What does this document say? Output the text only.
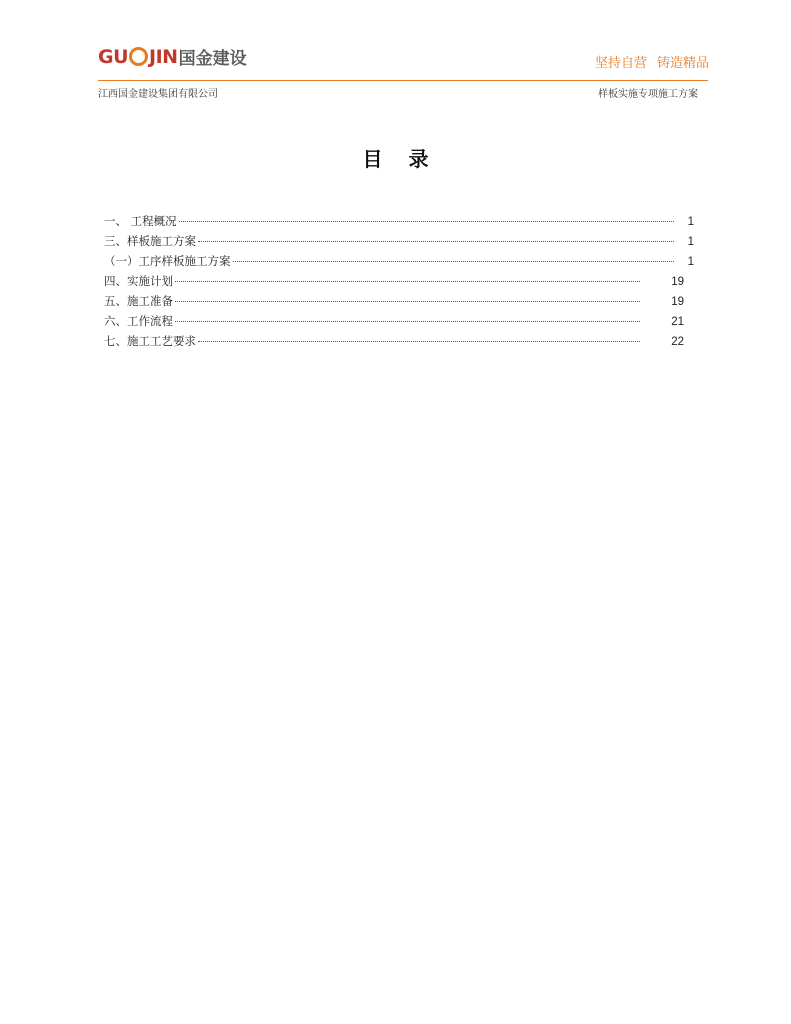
GU JIN 国金建设	坚持自营 铸造精品
江西国金建设集团有限公司	样板实施专项施工方案
目录
一、 工程概况	1
三、样板施工方案	1
（一）工序样板施工方案	1
四、实施计划	19
五、施工准备	19
六、工作流程	21
七、施工工艺要求	22
